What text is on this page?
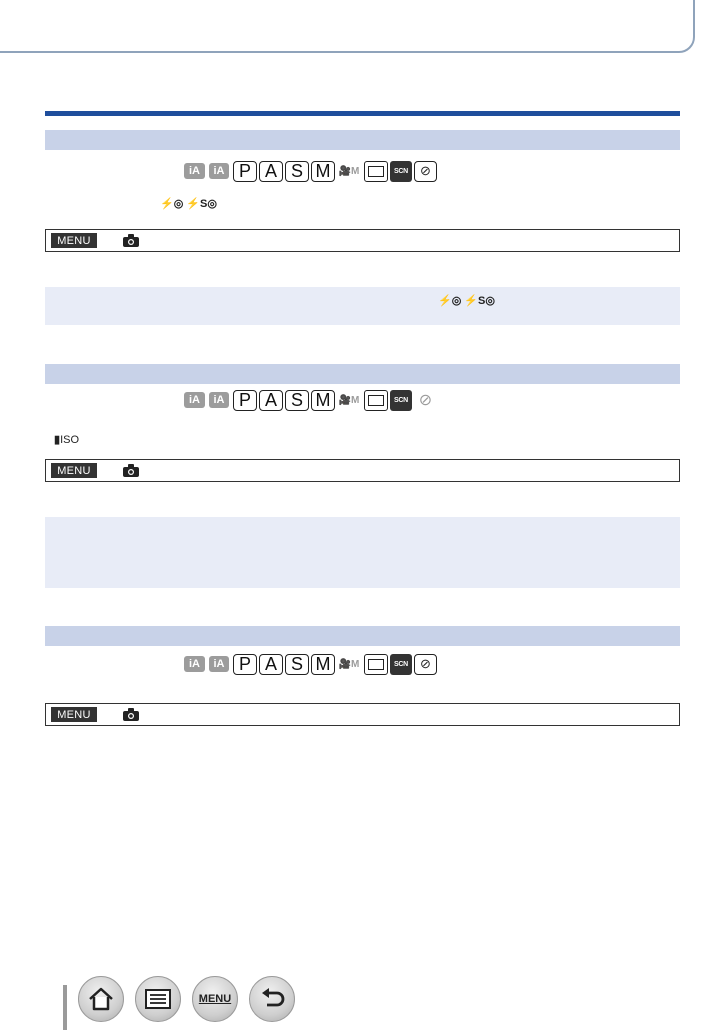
iA	iA P A S M 🎥 M	SCN ⊘
⚡◎ ⚡S◎
MENU
⚡◎ ⚡S◎
iA	iA P A S M 🎥 M	SCN ⊘
▮ISO
MENU
iA	iA P A S M 🎥 M	SCN ⊘
MENU
MENU
